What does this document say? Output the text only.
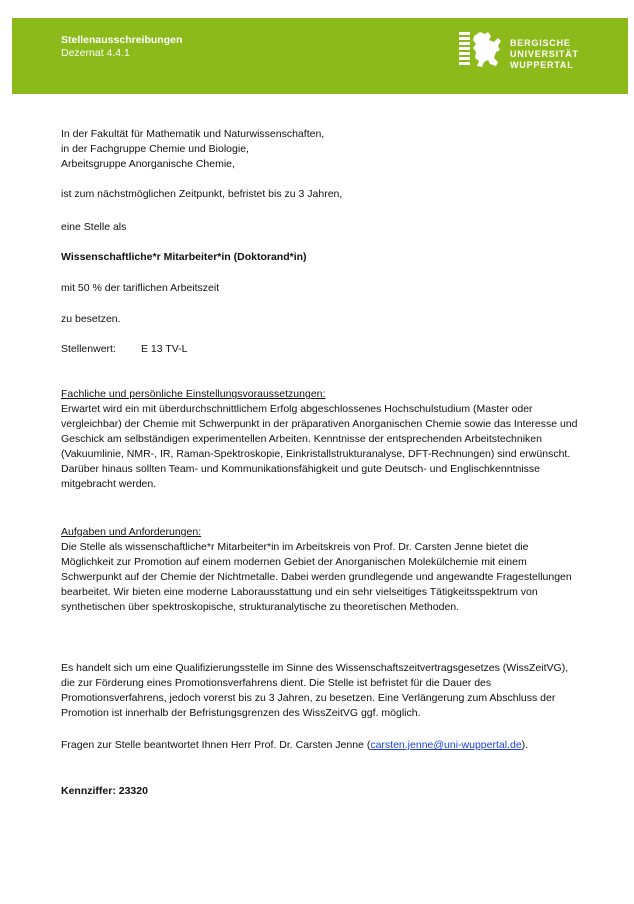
Stellenausschreibungen
Dezernat 4.4.1
BERGISCHE
UNIVERSITÄT
WUPPERTAL

In der Fakultät für Mathematik und Naturwissenschaften,

in der Fachgruppe Chemie und Biologie,

Arbeitsgruppe Anorganische Chemie,

ist zum nächstmöglichen Zeitpunkt, befristet bis zu 3 Jahren,

eine Stelle als

Wissenschaftliche*r Mitarbeiter*in (Doktorand*in)

mit 50 % der tariflichen Arbeitszeit

zu besetzen.

Stellenwert: E 13 TV-L

Fachliche und persönliche Einstellungsvoraussetzungen:

Erwartet wird ein mit überdurchschnittlichem Erfolg abgeschlossenes Hochschulstudium (Master oder vergleichbar) der Chemie mit Schwerpunkt in der präparativen Anorganischen Chemie sowie das Interesse und Geschick am selbständigen experimentellen Arbeiten. Kenntnisse der entsprechenden Arbeitstechniken (Vakuumlinie, NMR-, IR, Raman-Spektroskopie, Einkristallstrukturanalyse, DFT-Rechnungen) sind erwünscht. Darüber hinaus sollten Team- und Kommunikationsfähigkeit und gute Deutsch- und Englischkenntnisse mitgebracht werden.

Aufgaben und Anforderungen:

Die Stelle als wissenschaftliche*r Mitarbeiter*in im Arbeitskreis von Prof. Dr. Carsten Jenne bietet die Möglichkeit zur Promotion auf einem modernen Gebiet der Anorganischen Molekülchemie mit einem Schwerpunkt auf der Chemie der Nichtmetalle. Dabei werden grundlegende und angewandte Fragestellungen bearbeitet. Wir bieten eine moderne Laborausstattung und ein sehr vielseitiges Tätigkeitsspektrum von synthetischen über spektroskopische, strukturanalytische zu theoretischen Methoden.

Es handelt sich um eine Qualifizierungsstelle im Sinne des Wissenschaftszeitvertragsgesetzes (WissZeitVG), die zur Förderung eines Promotionsverfahrens dient. Die Stelle ist befristet für die Dauer des Promotionsverfahrens, jedoch vorerst bis zu 3 Jahren, zu besetzen. Eine Verlängerung zum Abschluss der Promotion ist innerhalb der Befristungsgrenzen des WissZeitVG ggf. möglich.

Fragen zur Stelle beantwortet Ihnen Herr Prof. Dr. Carsten Jenne (carsten.jenne@uni-wuppertal.de).

Kennziffer: 23320
